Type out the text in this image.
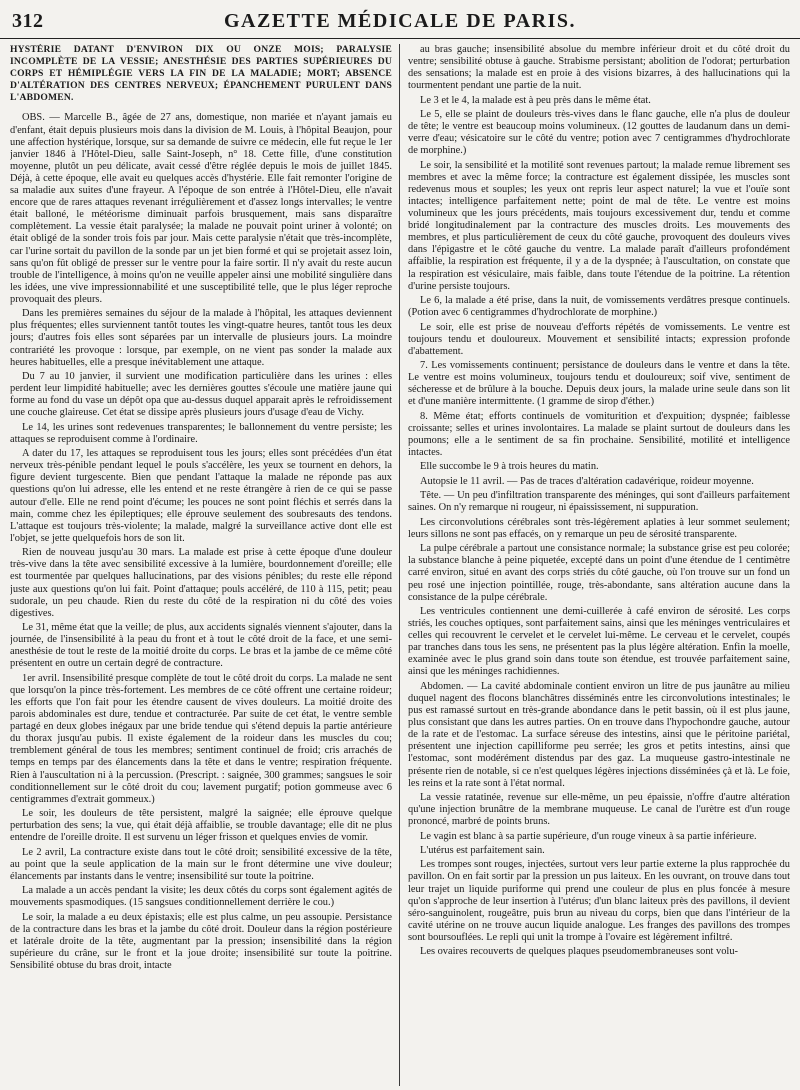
312	GAZETTE MÉDICALE DE PARIS.

HYSTÉRIE DATANT D'ENVIRON DIX OU ONZE MOIS; PARALYSIE INCOMPLÈTE DE LA VESSIE; ANESTHÉSIE DES PARTIES SUPÉRIEURES DU CORPS ET HÉMIPLÉGIE VERS LA FIN DE LA MALADIE; MORT; ABSENCE D'ALTÉRATION DES CENTRES NERVEUX; ÉPANCHEMENT PURULENT DANS L'ABDOMEN.

OBS. — Marcelle B., âgée de 27 ans, domestique, non mariée et n'ayant jamais eu d'enfant, était depuis plusieurs mois dans la division de M. Louis, à l'hôpital Beaujon, pour une affection hystérique, lorsque, sur sa demande de suivre ce médecin, elle fut reçue le 1er janvier 1846 à l'Hôtel-Dieu, salle Saint-Joseph, n° 18. Cette fille, d'une constitution moyenne, plutôt un peu délicate, avait cessé d'être réglée depuis le mois de juillet 1845. Déjà, à cette époque, elle avait eu quelques accès d'hystérie. Elle fait remonter l'origine de sa maladie aux suites d'une frayeur. A l'époque de son entrée à l'Hôtel-Dieu, elle n'avait encore que de rares attaques revenant irrégulièrement et d'assez longs intervalles; le ventre était balloné, le météorisme diminuait parfois brusquement, mais sans disparaître complètement. La vessie était paralysée; la malade ne pouvait point uriner à volonté; on était obligé de la sonder trois fois par jour. Mais cette paralysie n'était que très-incomplète, car l'urine sortait du pavillon de la sonde par un jet bien formé et qui se projetait assez loin, sans qu'on fût obligé de presser sur le ventre pour la faire sortir. Il n'y avait du reste aucun trouble de l'intelligence, à moins qu'on ne veuille appeler ainsi une mobilité singulière dans les idées, une vive impressionnabilité et une susceptibilité telle, que le plus léger reproche provoquait des pleurs.

Dans les premières semaines du séjour de la malade à l'hôpital, les attaques deviennent plus fréquentes; elles surviennent tantôt toutes les vingt-quatre heures, tantôt tous les deux jours; d'autres fois elles sont séparées par un intervalle de plusieurs jours. La moindre contrariété les provoque : lorsque, par exemple, on ne vient pas sonder la malade aux heures habituelles, elle a presque inévitablement une attaque.

Du 7 au 10 janvier, il survient une modification particulière dans les urines : elles perdent leur limpidité habituelle; avec les dernières gouttes s'écoule une matière jaune qui forme au fond du vase un dépôt opa que au-dessus duquel apparait après le refroidissement une couche glaireuse. Cet état se dissipe après plusieurs jours d'usage d'eau de Vichy.

Le 14, les urines sont redevenues transparentes; le ballonnement du ventre persiste; les attaques se reproduisent comme à l'ordinaire.

A dater du 17, les attaques se reproduisent tous les jours; elles sont précédées d'un état nerveux très-pénible pendant lequel le pouls s'accélère, les yeux se tournent en dehors, la figure devient turgescente. Bien que pendant l'attaque la malade ne réponde pas aux questions qu'on lui adresse, elle les entend et ne reste étrangère à rien de ce qui se passe autour d'elle. Elle ne rend point d'écume; les pouces ne sont point fléchis et serrés dans la main, comme chez les épileptiques; elle éprouve seulement des soubresauts des tendons. L'attaque est toujours très-violente; la malade, malgré la surveillance active dont elle est l'objet, se jette quelquefois hors de son lit.

Rien de nouveau jusqu'au 30 mars. La malade est prise à cette époque d'une douleur très-vive dans la tête avec sensibilité excessive à la lumière, bourdonnement d'oreille; elle est tourmentée par quelques hallucinations, par des visions pénibles; du reste elle répond juste aux questions qu'on lui fait. Point d'attaque; pouls accéléré, de 110 à 115, petit; peau sudorale, un peu chaude. Rien du reste du côté de la respiration ni du côté des voies digestives.

Le 31, même état que la veille; de plus, aux accidents signalés viennent s'ajouter, dans la journée, de l'insensibilité à la peau du front et à tout le côté droit de la face, et une semi-anesthésie de tout le reste de la moitié droite du corps. Le bras et la jambe de ce même côté présentent en outre un certain degré de contracture.

1er avril. Insensibilité presque complète de tout le côté droit du corps. La malade ne sent que lorsqu'on la pince très-fortement. Les membres de ce côté offrent une certaine roideur; les efforts que l'on fait pour les étendre causent de vives douleurs. La moitié droite des parois abdominales est dure, tendue et contracturée. Par suite de cet état, le ventre semble partagé en deux globes inégaux par une bride tendue qui s'étend depuis la partie antérieure du thorax jusqu'au pubis. Il existe également de la roideur dans les muscles du cou; tremblement général de tous les membres; sentiment continuel de froid; cris arrachés de temps en temps par des élancements dans la tête et dans le ventre; respiration fréquente. Rien à l'auscultation ni à la percussion. (Prescript. : saignée, 300 grammes; sangsues le soir conditionnellement sur le côté droit du cou; lavement purgatif; potion gommeuse avec 6 centigrammes d'extrait gommeux.)

Le soir, les douleurs de tête persistent, malgré la saignée; elle éprouve quelque perturbation des sens; la vue, qui était déjà affaiblie, se trouble davantage; elle dit ne plus entendre de l'oreille droite. Il est survenu un léger frisson et quelques envies de vomir.

Le 2 avril, La contracture existe dans tout le côté droit; sensibilité excessive de la tête, au point que la seule application de la main sur le front détermine une vive douleur; élancements par instants dans le ventre; insensibilité sur toute la poitrine.

La malade a un accès pendant la visite; les deux côtés du corps sont également agités de mouvements spasmodiques. (15 sangsues conditionnellement derrière le cou.)

Le soir, la malade a eu deux épistaxis; elle est plus calme, un peu assoupie. Persistance de la contracture dans les bras et la jambe du côté droit. Douleur dans la région postérieure et latérale droite de la tête, augmentant par la pression; insensibilité dans la région supérieure du crâne, sur le front et la joue droite; insensibilité sur toute la poitrine. Sensibilité obtuse du bras droit, intacte

au bras gauche; insensibilité absolue du membre inférieur droit et du côté droit du ventre; sensibilité obtuse à gauche. Strabisme persistant; abolition de l'odorat; perturbation des sensations; la malade est en proie à des visions bizarres, à des hallucinations qui la tourmentent pendant une partie de la nuit.

Le 3 et le 4, la malade est à peu près dans le même état.

Le 5, elle se plaint de douleurs très-vives dans le flanc gauche, elle n'a plus de douleur de tête; le ventre est beaucoup moins volumineux. (12 gouttes de laudanum dans un demi-verre d'eau; vésicatoire sur le côté du ventre; potion avec 7 centigrammes d'hydrochlorate de morphine.)

Le soir, la sensibilité et la motilité sont revenues partout; la malade remue librement ses membres et avec la même force; la contracture est également dissipée, les muscles sont redevenus mous et souples; les yeux ont repris leur aspect naturel; la vue et l'ouïe sont intactes; intelligence parfaitement nette; point de mal de tête. Le ventre est moins volumineux que les jours précédents, mais toujours excessivement dur, tendu et comme bridé longitudinalement par la contracture des muscles droits. Les mouvements des membres, et plus particulièrement de ceux du côté gauche, provoquent des douleurs vives dans l'épigastre et le côté gauche du ventre. La malade paraît d'ailleurs profondément affaiblie, la respiration est fréquente, il y a de la dyspnée; à l'auscultation, on constate que la respiration est vésiculaire, mais faible, dans toute l'étendue de la poitrine. La rétention d'urine persiste toujours.

Le 6, la malade a été prise, dans la nuit, de vomissements verdâtres presque continuels. (Potion avec 6 centigrammes d'hydrochlorate de morphine.)

Le soir, elle est prise de nouveau d'efforts répétés de vomissements. Le ventre est toujours tendu et douloureux. Mouvement et sensibilité intacts; expression profonde d'abattement.

7. Les vomissements continuent; persistance de douleurs dans le ventre et dans la tête. Le ventre est moins volumineux, toujours tendu et douloureux; soif vive, sentiment de sécheresse et de brûlure à la bouche. Depuis deux jours, la malade urine seule dans son lit et d'une manière intermittente. (1 gramme de sirop d'éther.)

8. Même état; efforts continuels de vomiturition et d'expuition; dyspnée; faiblesse croissante; selles et urines involontaires. La malade se plaint surtout de douleurs dans les poumons; elle a le sentiment de sa fin prochaine. Sensibilité, motilité et intelligence intactes.

Elle succombe le 9 à trois heures du matin.

Autopsie le 11 avril. — Pas de traces d'altération cadavérique, roideur moyenne.

Tête. — Un peu d'infiltration transparente des méninges, qui sont d'ailleurs parfaitement saines. On n'y remarque ni rougeur, ni épaississement, ni suppuration.

Les circonvolutions cérébrales sont très-légèrement aplaties à leur sommet seulement; leurs sillons ne sont pas effacés, on y remarque un peu de sérosité transparente.

La pulpe cérébrale a partout une consistance normale; la substance grise est peu colorée; la substance blanche à peine piquetée, excepté dans un point d'une étendue de 1 centimètre carré environ, situé en avant des corps striés du côté gauche, où l'on trouve sur un fond un peu rosé une injection pointillée, rouge, très-abondante, sans altération aucune dans la consistance de la pulpe cérébrale.

Les ventricules contiennent une demi-cuillerée à café environ de sérosité. Les corps striés, les couches optiques, sont parfaitement sains, ainsi que les méninges ventriculaires et celles qui recouvrent le cervelet et le cervelet lui-même. Le cerveau et le cervelet, coupés par tranches dans tous les sens, ne présentent pas la plus légère altération. Enfin la moelle, examinée avec le plus grand soin dans toute son étendue, est trouvée parfaitement saine, ainsi que les méninges rachidiennes.

Abdomen. — La cavité abdominale contient environ un litre de pus jaunâtre au milieu duquel nagent des flocons blanchâtres disséminés entre les circonvolutions intestinales; le pus est ramassé surtout en très-grande abondance dans le petit bassin, où il est plus jaune, plus consistant que dans les autres parties. On en trouve dans l'hypochondre gauche, autour de la rate et de l'estomac. La surface séreuse des intestins, ainsi que le péritoine pariétal, présentent une injection capilliforme peu serrée; les gros et petits intestins, ainsi que l'estomac, sont modérément distendus par des gaz. La muqueuse gastro-intestinale ne présente rien de notable, si ce n'est quelques légères injections disséminées çà et là. Le foie, les reins et la rate sont à l'état normal.

La vessie ratatinée, revenue sur elle-même, un peu épaissie, n'offre d'autre altération qu'une injection brunâtre de la membrane muqueuse. Le canal de l'urètre est d'un rouge prononcé, marbré de points bruns.

Le vagin est blanc à sa partie supérieure, d'un rouge vineux à sa partie inférieure.

L'utérus est parfaitement sain.

Les trompes sont rouges, injectées, surtout vers leur partie externe la plus rapprochée du pavillon. On en fait sortir par la pression un pus laiteux. En les ouvrant, on trouve dans tout leur trajet un liquide puriforme qui prend une couleur de plus en plus foncée à mesure qu'on s'approche de leur insertion à l'utérus; d'un blanc laiteux près des pavillons, il devient séro-sanguinolent, rougeâtre, puis brun au niveau du corps, bien que dans l'intérieur de la cavité utérine on ne trouve aucun liquide analogue. Les franges des pavillons des trompes sont boursouflées. Le repli qui unit la trompe à l'ovaire est légèrement infiltré.

Les ovaires recouverts de quelques plaques pseudomembraneuses sont volu-
